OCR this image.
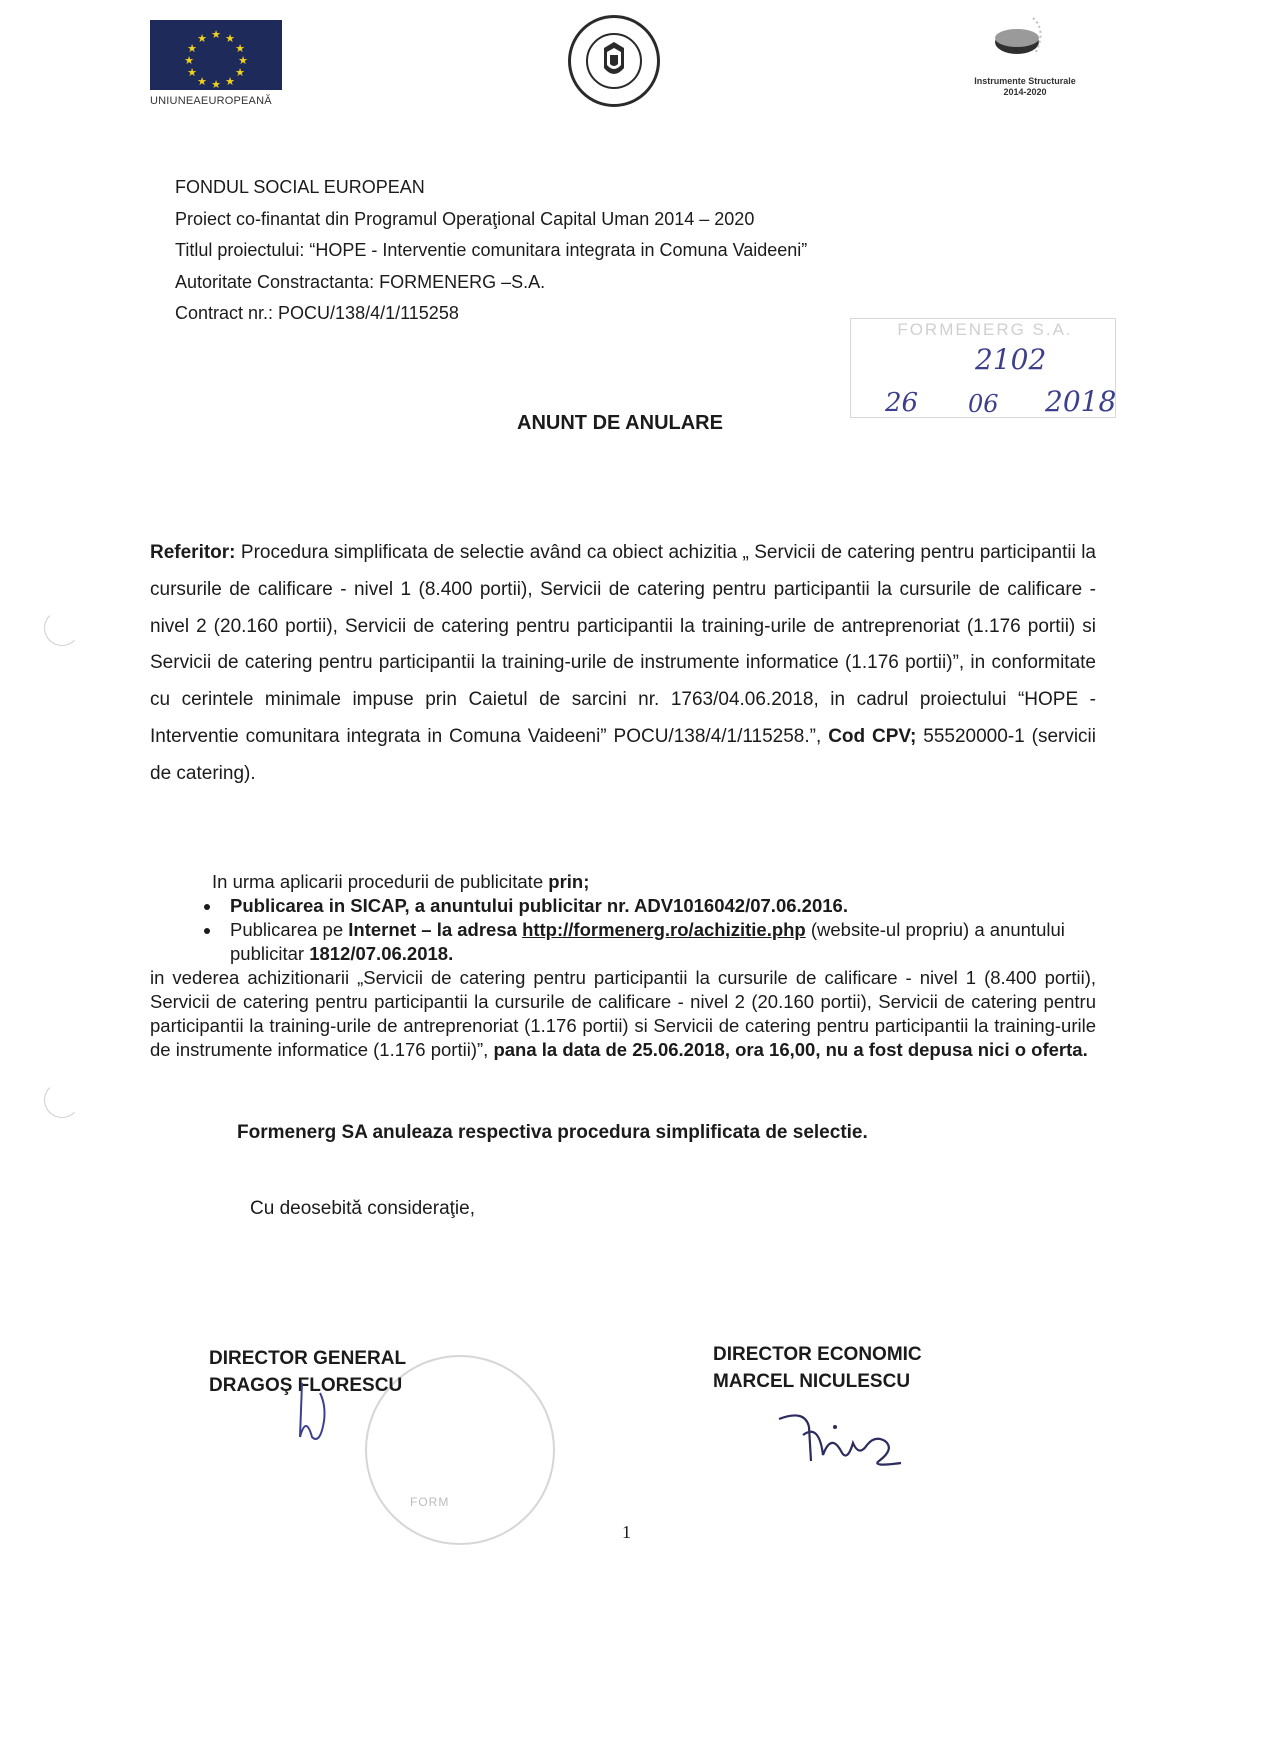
★ ★
★
★
★
★
★
★
★
★
★
★
UNIUNEAEUROPEANĂ
Instrumente Structurale
2014-2020
FONDUL SOCIAL EUROPEAN
Proiect co-finantat din Programul Operaţional Capital Uman 2014 – 2020
Titlul proiectului: “HOPE - Interventie comunitara integrata in Comuna Vaideeni”
Autoritate Constractanta: FORMENERG –S.A.
Contract nr.: POCU/138/4/1/115258
FORMENERG S.A.
2102
26 06 2018
ANUNT DE ANULARE
Referitor: Procedura simplificata de selectie având ca obiect achizitia „ Servicii de catering pentru participantii la cursurile de calificare - nivel 1 (8.400 portii), Servicii de catering pentru participantii la cursurile de calificare - nivel 2 (20.160 portii), Servicii de catering pentru participantii la training-urile de antreprenoriat (1.176 portii) si Servicii de catering pentru participantii la training-urile de instrumente informatice (1.176 portii)”, in conformitate cu cerintele minimale impuse prin Caietul de sarcini nr. 1763/04.06.2018, in cadrul proiectului “HOPE - Interventie comunitara integrata in Comuna Vaideeni” POCU/138/4/1/115258.”, Cod CPV; 55520000-1 (servicii de catering).
In urma aplicarii procedurii de publicitate prin;
• Publicarea in SICAP, a anuntului publicitar nr. ADV1016042/07.06.2016.
• Publicarea pe Internet – la adresa http://formenerg.ro/achizitie.php (website-ul propriu) a anuntului publicitar 1812/07.06.2018.
in vederea achizitionarii „Servicii de catering pentru participantii la cursurile de calificare - nivel 1 (8.400 portii), Servicii de catering pentru participantii la cursurile de calificare - nivel 2 (20.160 portii), Servicii de catering pentru participantii la training-urile de antreprenoriat (1.176 portii) si Servicii de catering pentru participantii la training-urile de instrumente informatice (1.176 portii)”, pana la data de 25.06.2018, ora 16,00, nu a fost depusa nici o oferta.
Formenerg SA anuleaza respectiva procedura simplificata de selectie.
Cu deosebită consideraţie,
FORM
DIRECTOR GENERAL
DRAGOŞ FLORESCU
DIRECTOR ECONOMIC
MARCEL NICULESCU
1
